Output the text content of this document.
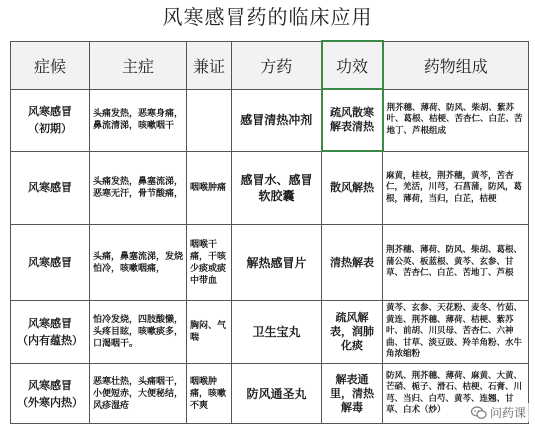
风寒感冒药的临床应用
症候	主症	兼证	方药	功效	药物组成
风寒感冒
（初期）	头痛发热，恶寒身痛，鼻流清涕，咳嗽咽干		感冒清热冲剂	疏风散寒
解表清热	荆芥穗、薄荷、防风、柴胡、紫苏叶、葛根、桔梗、苦杏仁、白芷、苦地丁、芦根组成
风寒感冒	头痛发热，鼻塞流涕，恶寒无汗，骨节酸痛，	咽喉肿痛	感冒水、感冒软胶囊	散风解热	麻黄，桂枝，荆芥穗，黄芩，苦杏仁，羌活，川芎，石菖蒲，防风，葛根，薄荷，当归，白芷，桔梗
风寒感冒	头痛，鼻塞流涕，发烧怕冷，咳嗽咽痛，	咽喉干痛，干咳少痰或痰中带血	解热感冒片	清热解表	荆芥穗、薄荷、防风、柴胡、葛根、蒲公英、板蓝根、黄芩、玄参、甘草、苦杏仁、白芷、苦地丁、芦根
风寒感冒
（内有蕴热）	怕冷发烧，四肢酸懒，头疼目眩，咳嗽痰多，口渴咽干。	胸闷、气喘	卫生宝丸	疏风解表，润肺化痰	黄芩、玄参、天花粉、麦冬、竹茹、黄连、荆芥穗、薄荷、桔梗、紫苏叶、前胡、川贝母、苦杏仁、六神曲、甘草、淡豆豉、羚羊角粉、水牛角浓缩粉
风寒感冒
（外寒内热）	恶寒壮热，头痛咽干，小便短赤，大便秘结，风疹湿疮	咽喉肿痛，咳嗽不爽	防风通圣丸	解表通里，清热解毒	防风、荆芥穗、薄荷、麻黄、大黄、芒硝、栀子、滑石、桔梗、石膏、川芎、当归、白芍、黄芩、连翘、甘草、白术（炒）	问药课
